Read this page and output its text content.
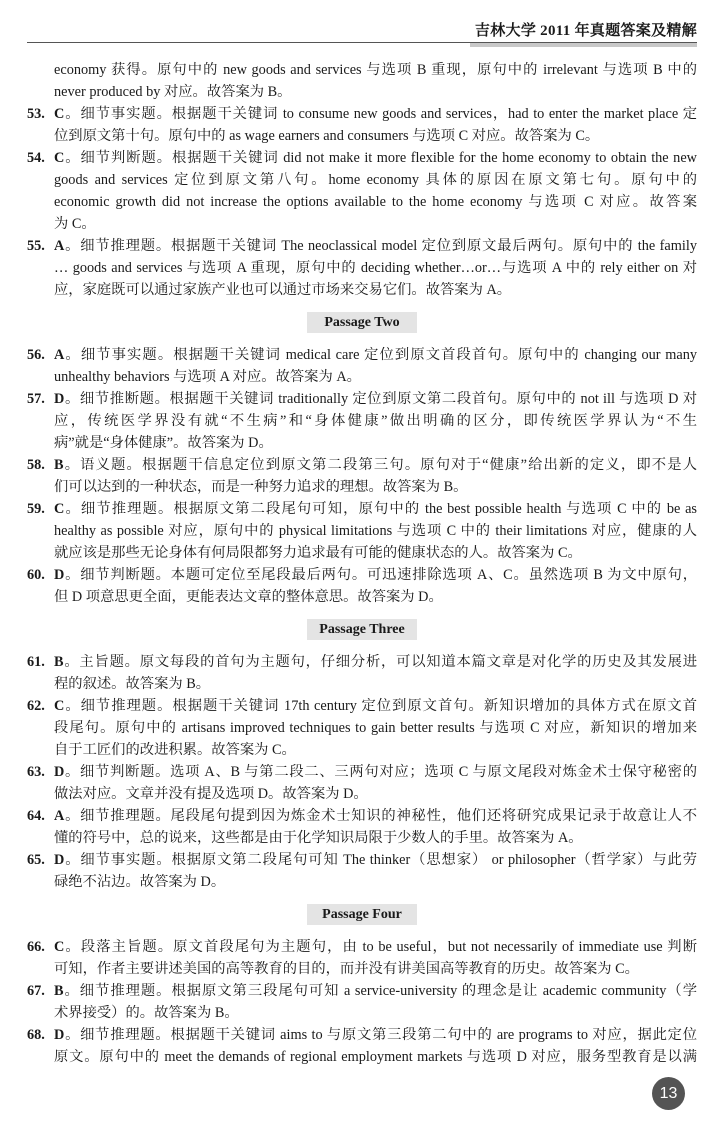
吉林大学 2011 年真题答案及精解
economy 获得。原句中的 new goods and services 与选项 B 重现，原句中的 irrelevant 与选项 B 中的
never produced by 对应。故答案为 B。
53. C。细节事实题。根据题干关键词 to consume new goods and services，had to enter the market place 定
位到原文第十句。原句中的 as wage earners and consumers 与选项 C 对应。故答案为 C。
54. C。细节判断题。根据题干关键词 did not make it more flexible for the home economy to obtain the new
goods and services 定位到原文第八句。home economy 具体的原因在原文第七句。原句中的
economic growth did not increase the options available to the home economy 与选项 C 对应。故答案
为 C。
55. A。细节推理题。根据题干关键词 The neoclassical model 定位到原文最后两句。原句中的 the family
… goods and services 与选项 A 重现，原句中的 deciding whether…or…与选项 A 中的 rely either on 对
应，家庭既可以通过家族产业也可以通过市场来交易它们。故答案为 A。
Passage Two
56. A。细节事实题。根据题干关键词 medical care 定位到原文首段首句。原句中的 changing our many
unhealthy behaviors 与选项 A 对应。故答案为 A。
57. D。细节推断题。根据题干关键词 traditionally 定位到原文第二段首句。原句中的 not ill 与选项 D 对
应，传统医学界没有就“不生病”和“身体健康”做出明确的区分，即传统医学界认为“不生
病”就是“身体健康”。故答案为 D。
58. B。语义题。根据题干信息定位到原文第二段第三句。原句对于“健康”给出新的定义，即不是人
们可以达到的一种状态，而是一种努力追求的理想。故答案为 B。
59. C。细节推理题。根据原文第二段尾句可知，原句中的 the best possible health 与选项 C 中的 be as
healthy as possible 对应，原句中的 physical limitations 与选项 C 中的 their limitations 对应，健康的人
就应该是那些无论身体有何局限都努力追求最有可能的健康状态的人。故答案为 C。
60. D。细节判断题。本题可定位至尾段最后两句。可迅速排除选项 A、C。虽然选项 B 为文中原句，
但 D 项意思更全面，更能表达文章的整体意思。故答案为 D。
Passage Three
61. B。主旨题。原文每段的首句为主题句，仔细分析，可以知道本篇文章是对化学的历史及其发展进
程的叙述。故答案为 B。
62. C。细节推理题。根据题干关键词 17th century 定位到原文首句。新知识增加的具体方式在原文首
段尾句。原句中的 artisans improved techniques to gain better results 与选项 C 对应，新知识的增加来
自于工匠们的改进积累。故答案为 C。
63. D。细节判断题。选项 A、B 与第二段二、三两句对应；选项 C 与原文尾段对炼金术士保守秘密的
做法对应。文章并没有提及选项 D。故答案为 D。
64. A。细节推理题。尾段尾句提到因为炼金术士知识的神秘性，他们还将研究成果记录于故意让人不
懂的符号中，总的说来，这些都是由于化学知识局限于少数人的手里。故答案为 A。
65. D。细节事实题。根据原文第二段尾句可知 The thinker（思想家） or philosopher（哲学家）与此劳
碌绝不沾边。故答案为 D。
Passage Four
66. C。段落主旨题。原文首段尾句为主题句，由 to be useful，but not necessarily of immediate use 判断
可知，作者主要讲述美国的高等教育的目的，而并没有讲美国高等教育的历史。故答案为 C。
67. B。细节推理题。根据原文第三段尾句可知 a service-university 的理念是让 academic community（学
术界接受）的。故答案为 B。
68. D。细节推理题。根据题干关键词 aims to 与原文第三段第二句中的 are programs to 对应，据此定位
原文。原句中的 meet the demands of regional employment markets 与选项 D 对应，服务型教育是以满
13
